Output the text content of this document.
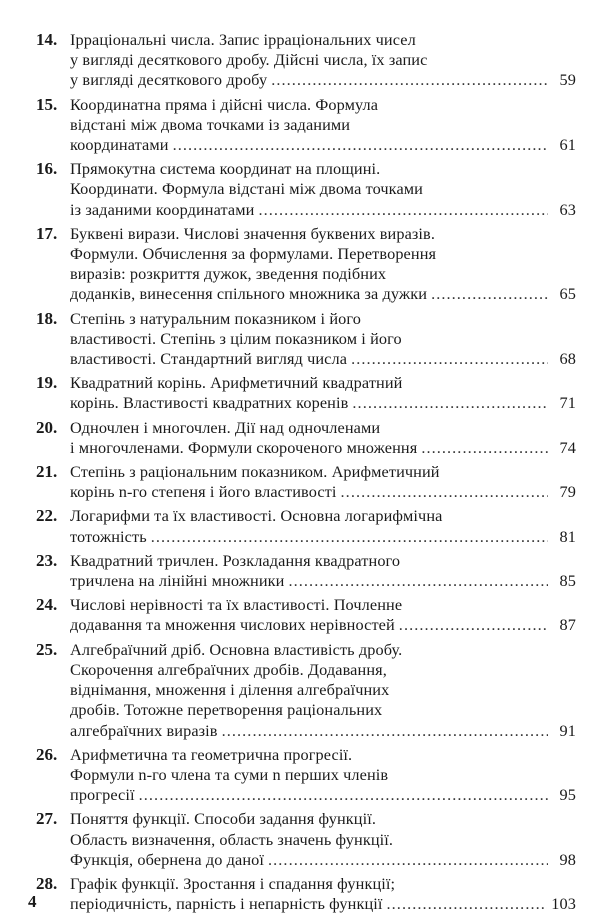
14. Ірраціональні числа. Запис ірраціональних чисел
у вигляді десяткового дробу. Дійсні числа, їх запис
у вигляді десяткового дробу . . .	59
15. Координатна пряма і дійсні числа. Формула
відстані між двома точками із заданими
координатами . . .	61
16. Прямокутна система координат на площині.
Координати. Формула відстані між двома точками
із заданими координатами . . .	63
17. Буквені вирази. Числові значення буквених виразів.
Формули. Обчислення за формулами. Перетворення
виразів: розкриття дужок, зведення подібних
доданків, винесення спільного множника за дужки . . .	65
18. Степінь з натуральним показником і його
властивості. Степінь з цілим показником і його
властивості. Стандартний вигляд числа . . .	68
19. Квадратний корінь. Арифметичний квадратний
корінь. Властивості квадратних коренів . . .	71
20. Одночлен і многочлен. Дії над одночленами
і многочленами. Формули скороченого множення . . .	74
21. Степінь з раціональним показником. Арифметичний
корінь n-го степеня і його властивості . . .	79
22. Логарифми та їх властивості. Основна логарифмічна
тотожність . . .	81
23. Квадратний тричлен. Розкладання квадратного
тричлена на лінійні множники . . .	85
24. Числові нерівності та їх властивості. Почленне
додавання та множення числових нерівностей . . .	87
25. Алгебраїчний дріб. Основна властивість дробу.
Скорочення алгебраїчних дробів. Додавання,
віднімання, множення і ділення алгебраїчних
дробів. Тотожне перетворення раціональних
алгебраїчних виразів . . .	91
26. Арифметична та геометрична прогресії.
Формули n-го члена та суми n перших членів
прогресії . . .	95
27. Поняття функції. Способи задання функції.
Область визначення, область значень функції.
Функція, обернена до даної . . .	98
28. Графік функції. Зростання і спадання функції;
періодичність, парність і непарність функції . . .	103
4
